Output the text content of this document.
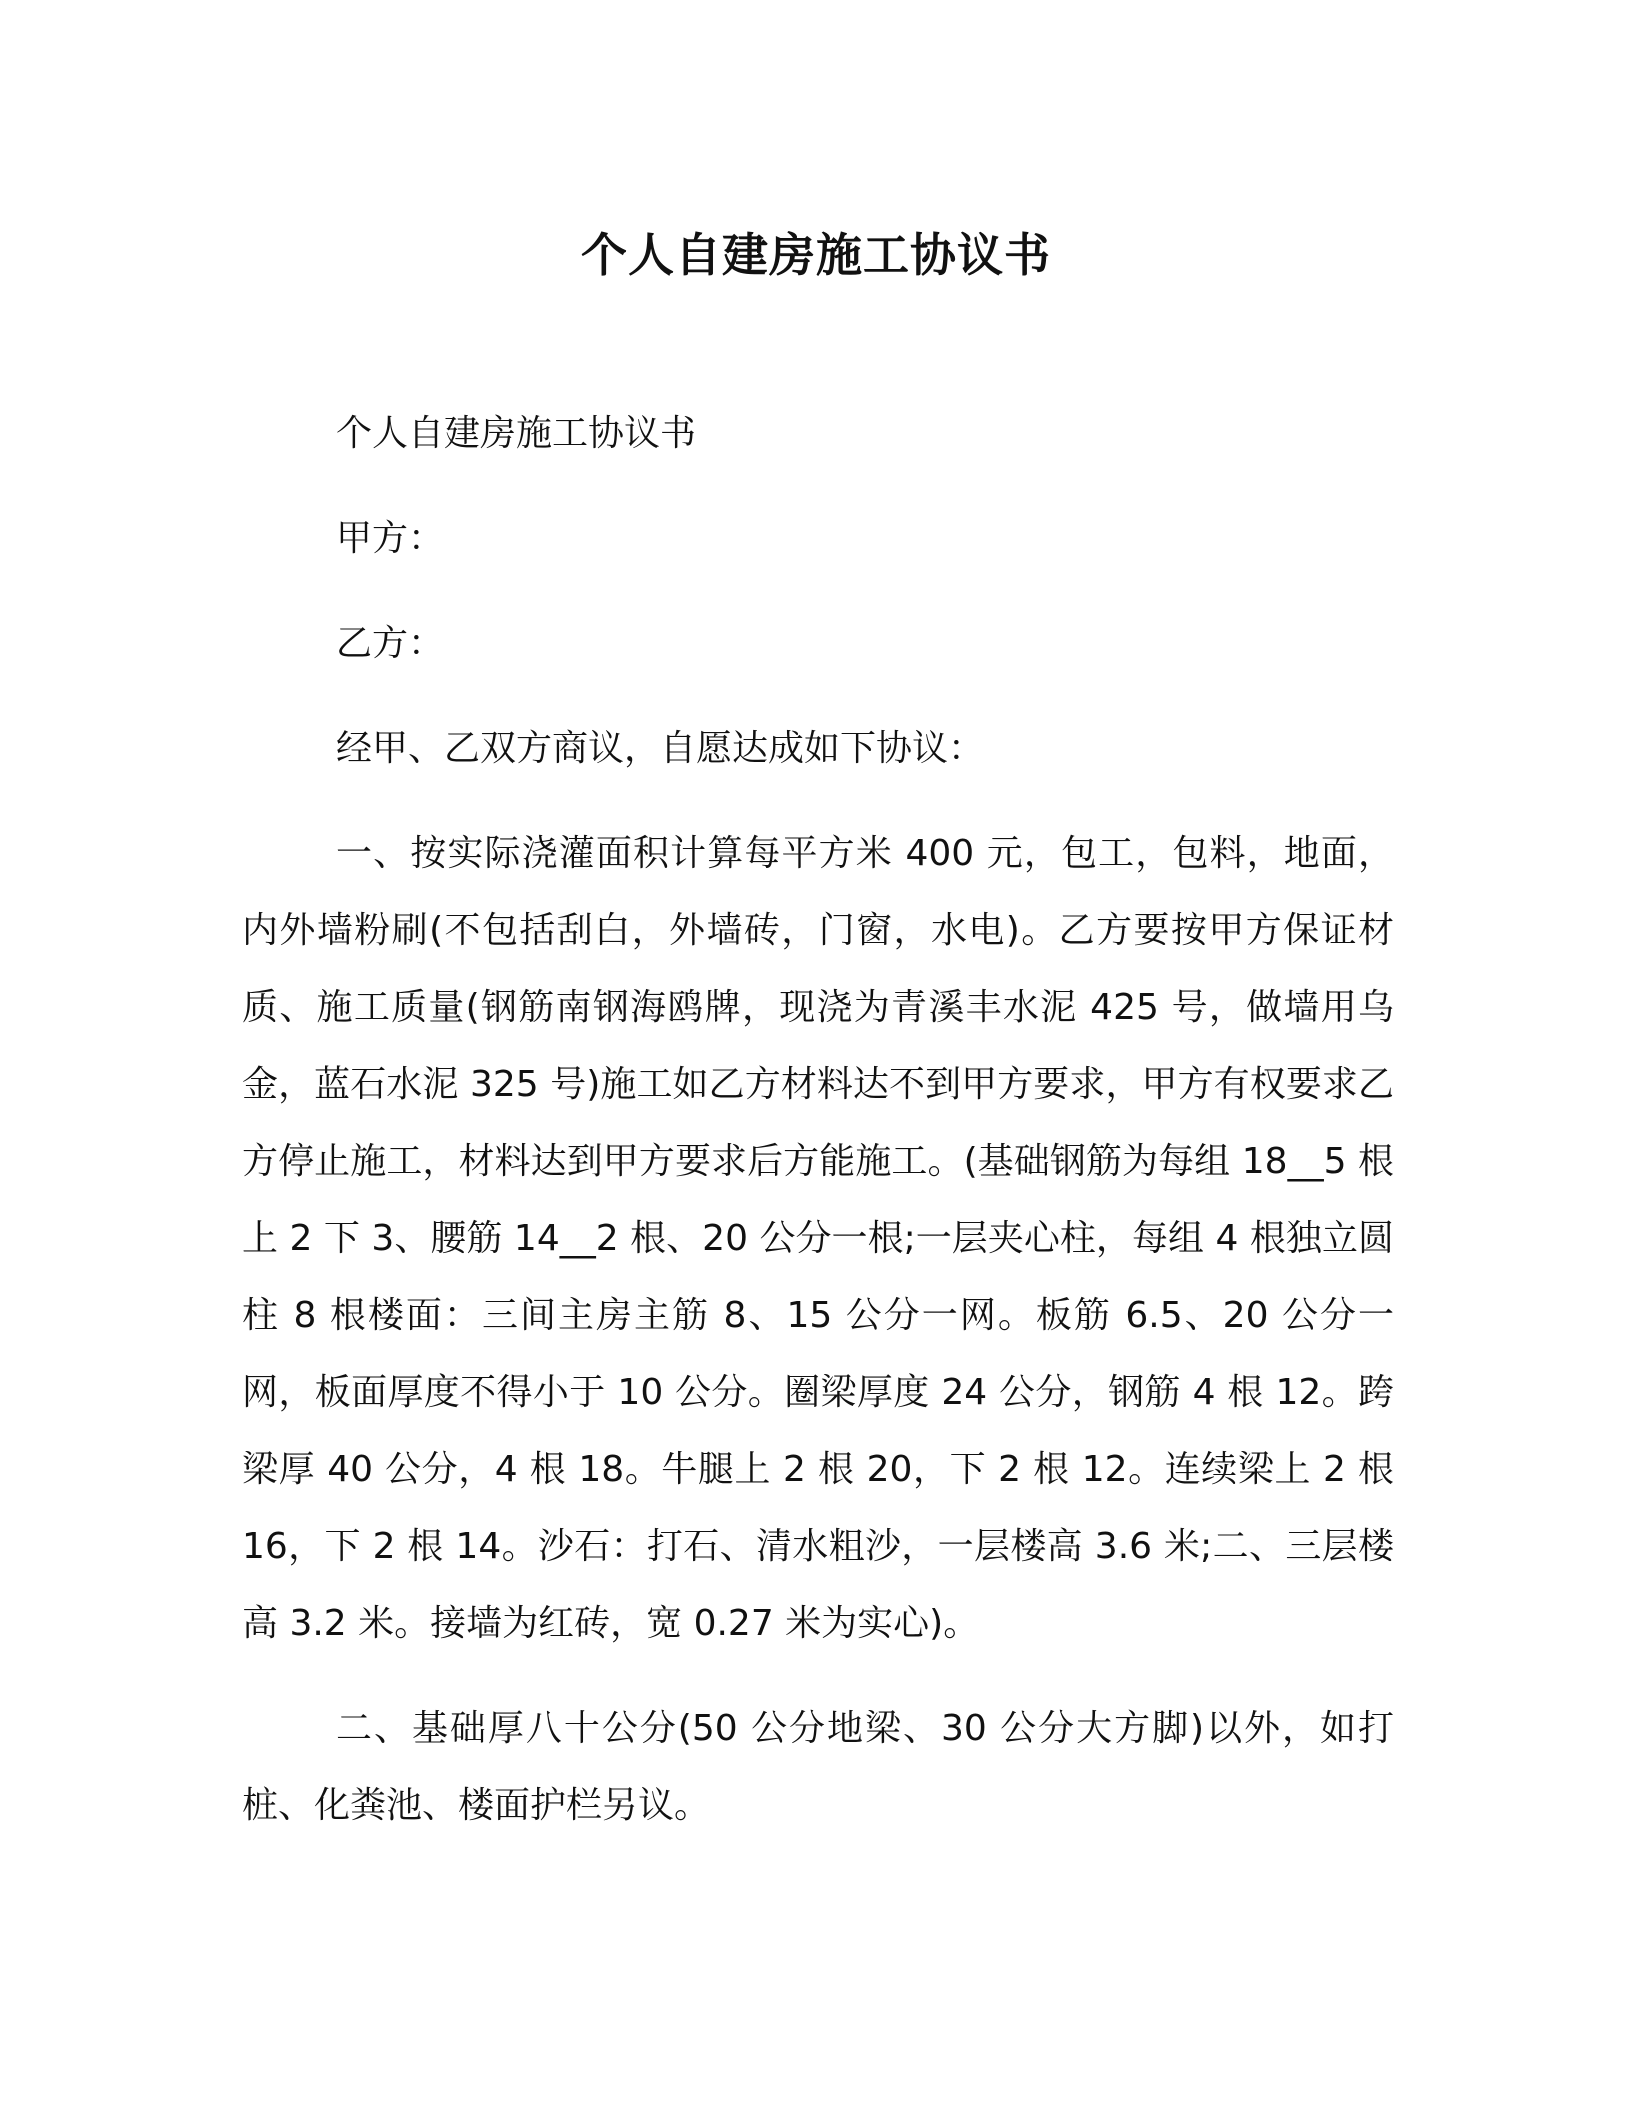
个人自建房施工协议书

个人自建房施工协议书

甲方：

乙方：

经甲、乙双方商议，自愿达成如下协议：

一、按实际浇灌面积计算每平方米 400 元，包工，包料，地面，内外墙粉刷(不包括刮白，外墙砖，门窗，水电)。乙方要按甲方保证材质、施工质量(钢筋南钢海鸥牌，现浇为青溪丰水泥 425 号，做墙用乌金，蓝石水泥 325 号)施工如乙方材料达不到甲方要求，甲方有权要求乙方停止施工，材料达到甲方要求后方能施工。(基础钢筋为每组 18__5 根上 2 下 3、腰筋 14__2 根、20 公分一根;一层夹心柱，每组 4 根独立圆柱 8 根楼面：三间主房主筋 8、15 公分一网。板筋 6.5、20 公分一网，板面厚度不得小于 10 公分。圈梁厚度 24 公分，钢筋 4 根 12。跨梁厚 40 公分，4 根 18。牛腿上 2 根 20，下 2 根 12。连续梁上 2 根 16，下 2 根 14。沙石：打石、清水粗沙，一层楼高 3.6 米;二、三层楼高 3.2 米。接墙为红砖，宽 0.27 米为实心)。

二、基础厚八十公分(50 公分地梁、30 公分大方脚)以外，如打桩、化粪池、楼面护栏另议。
